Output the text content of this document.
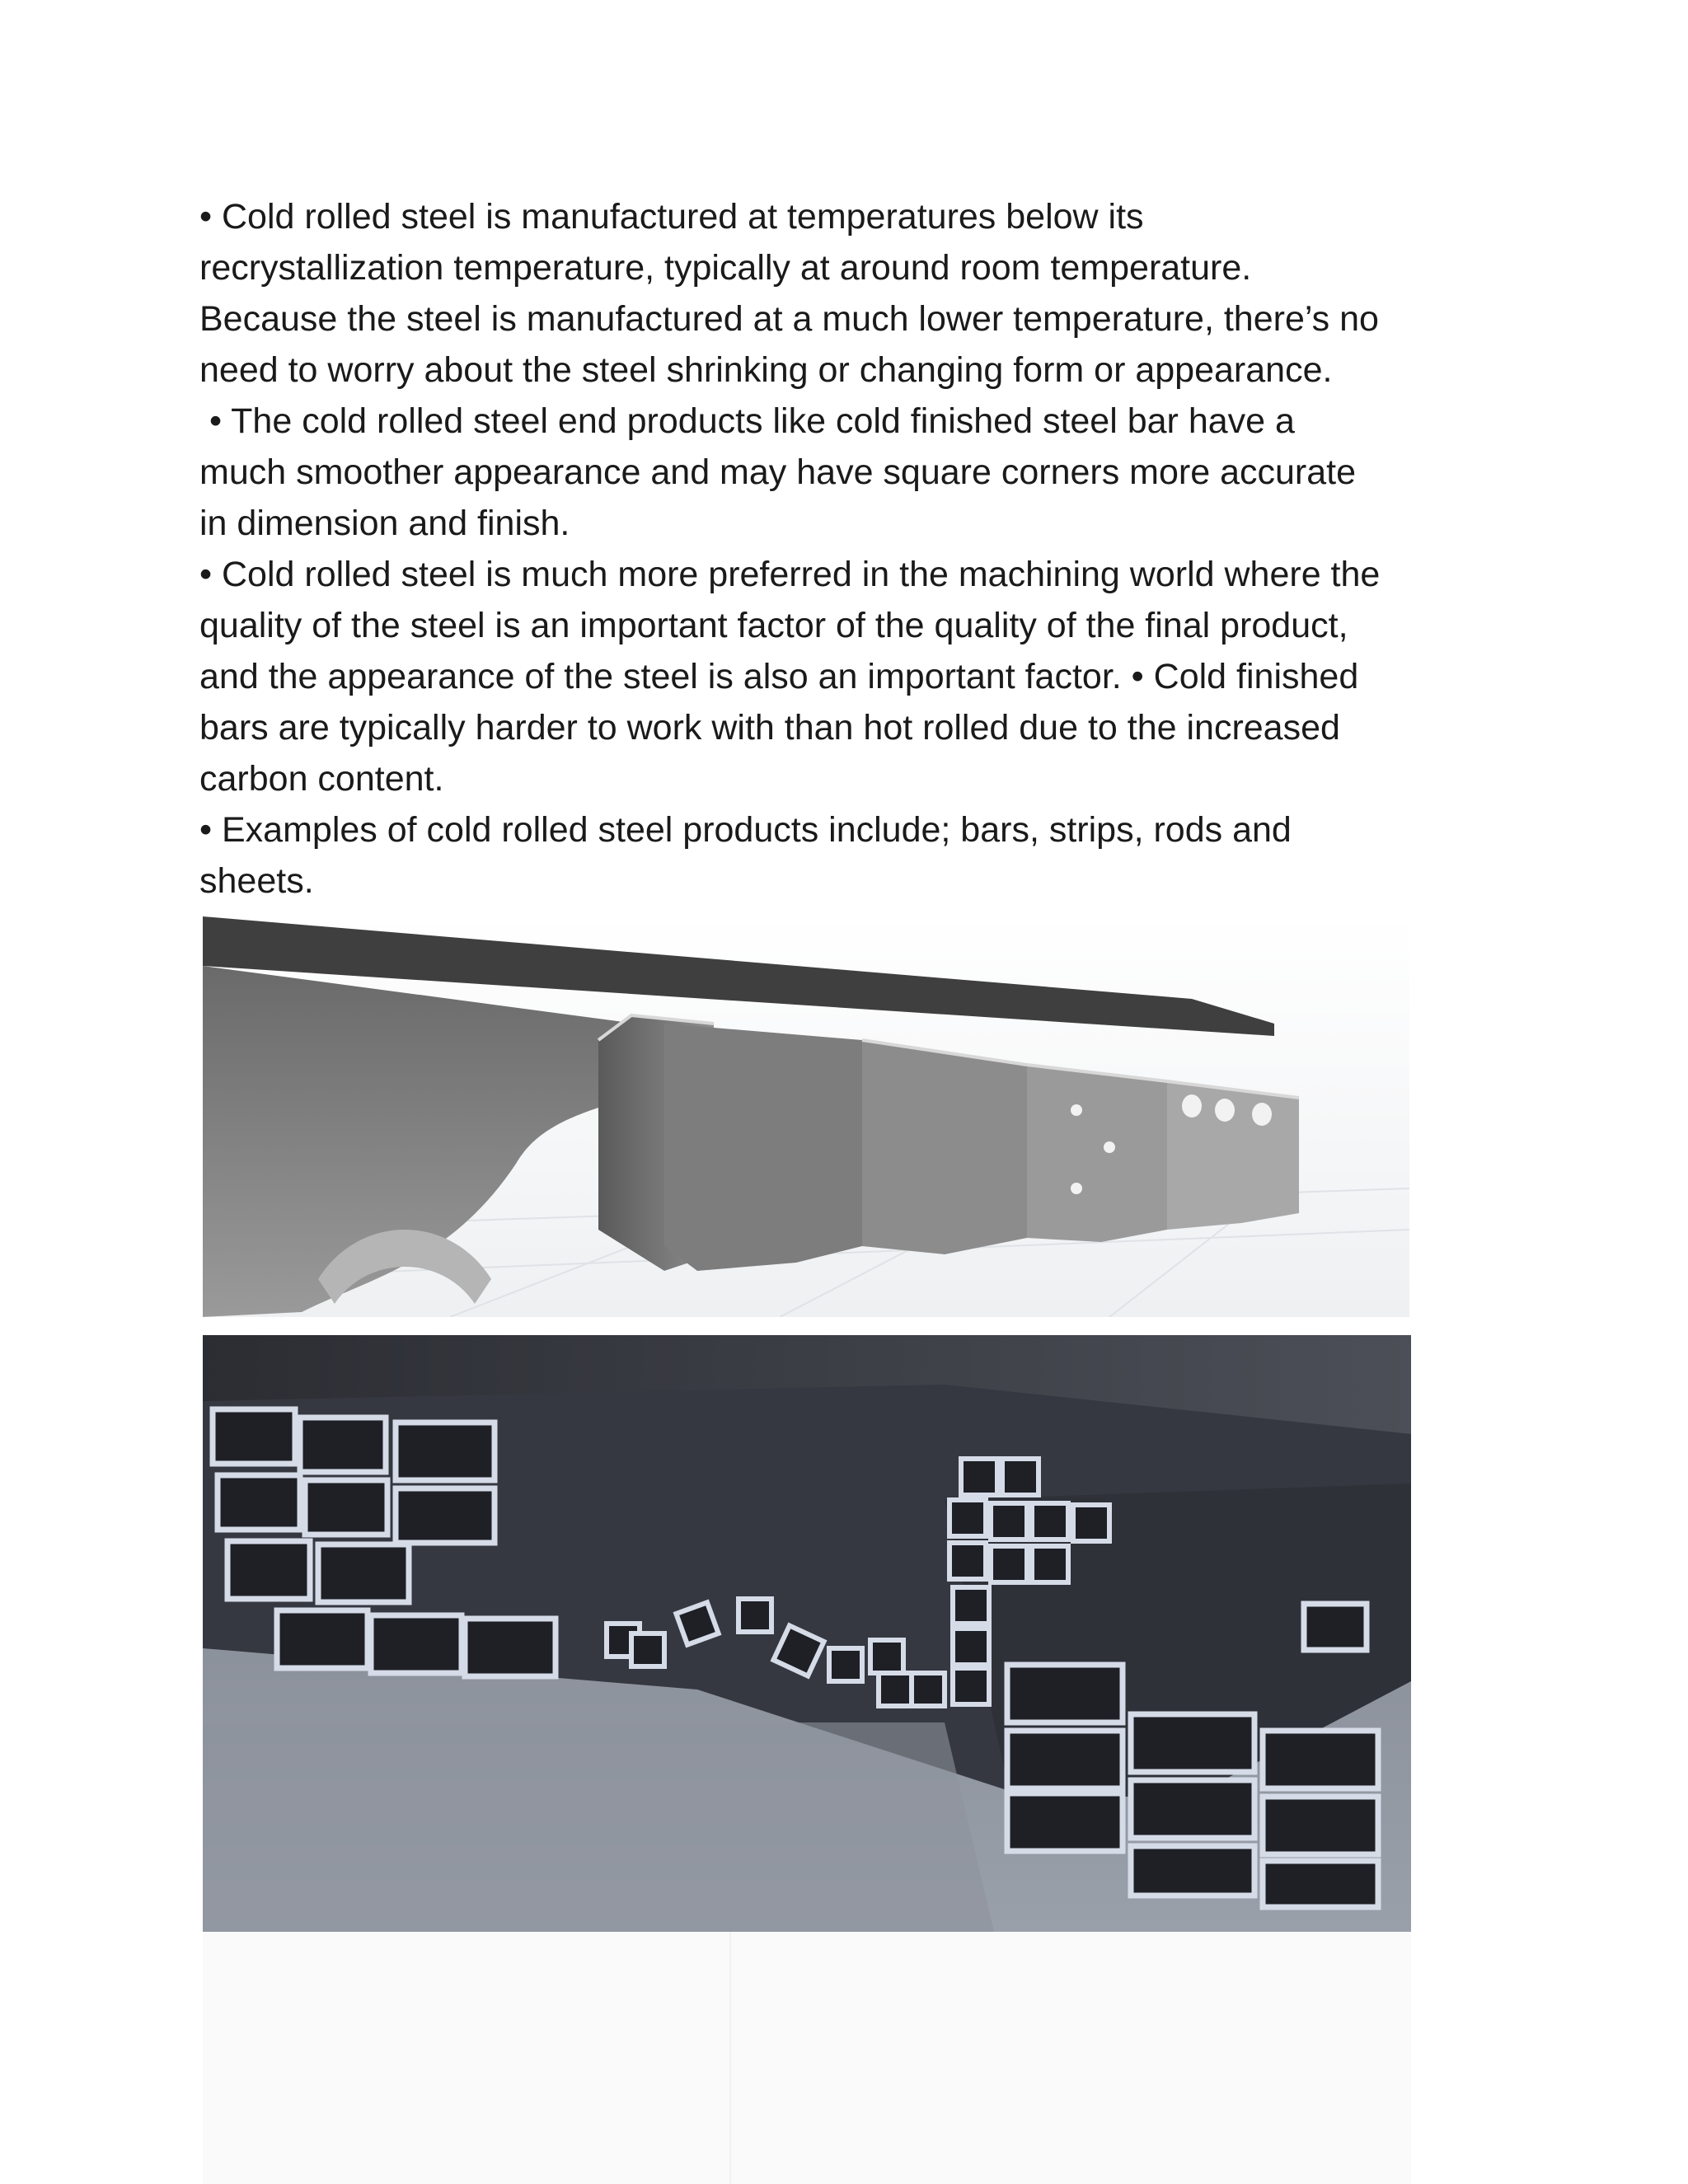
• Cold rolled steel is manufactured at temperatures below its
recrystallization temperature, typically at around room temperature.
Because the steel is manufactured at a much lower temperature, there’s no
need to worry about the steel shrinking or changing form or appearance.
• The cold rolled steel end products like cold finished steel bar have a
much smoother appearance and may have square corners more accurate
in dimension and finish.
• Cold rolled steel is much more preferred in the machining world where the
quality of the steel is an important factor of the quality of the final product,
and the appearance of the steel is also an important factor. • Cold finished
bars are typically harder to work with than hot rolled due to the increased
carbon content.
• Examples of cold rolled steel products include; bars, strips, rods and
sheets.
